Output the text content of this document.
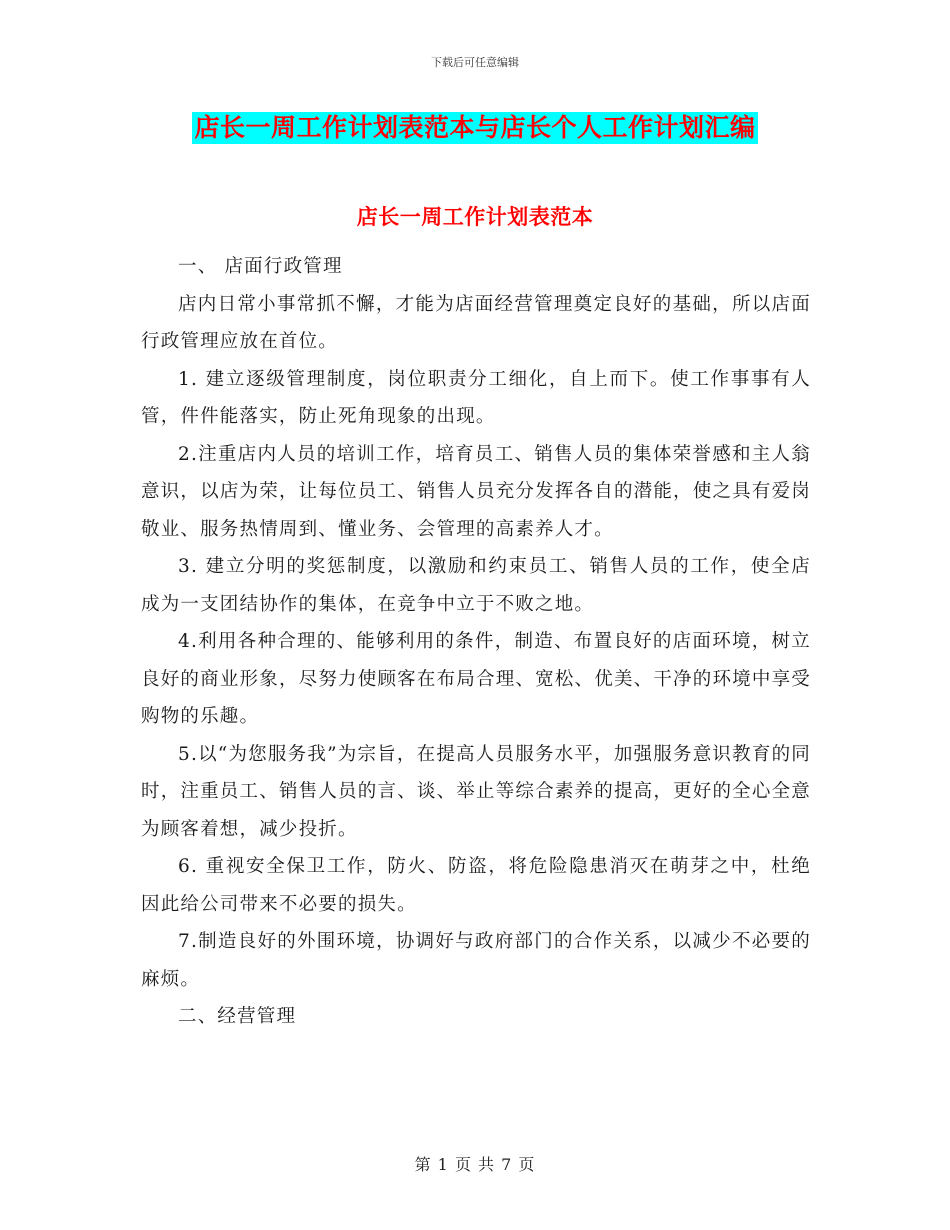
下载后可任意编辑
店长一周工作计划表范本与店长个人工作计划汇编
店长一周工作计划表范本

一、 店面行政管理

店内日常小事常抓不懈，才能为店面经营管理奠定良好的基础，所以店面行政管理应放在首位。

1. 建立逐级管理制度，岗位职责分工细化，自上而下。使工作事事有人管，件件能落实，防止死角现象的出现。

2.注重店内人员的培训工作，培育员工、销售人员的集体荣誉感和主人翁意识，以店为荣，让每位员工、销售人员充分发挥各自的潜能，使之具有爱岗敬业、服务热情周到、懂业务、会管理的高素养人才。

3. 建立分明的奖惩制度，以激励和约束员工、销售人员的工作，使全店成为一支团结协作的集体，在竞争中立于不败之地。

4.利用各种合理的、能够利用的条件，制造、布置良好的店面环境，树立良好的商业形象，尽努力使顾客在布局合理、宽松、优美、干净的环境中享受购物的乐趣。

5.以“为您服务我”为宗旨，在提高人员服务水平，加强服务意识教育的同时，注重员工、销售人员的言、谈、举止等综合素养的提高，更好的全心全意为顾客着想，减少投折。

6. 重视安全保卫工作，防火、防盗，将危险隐患消灭在萌芽之中，杜绝因此给公司带来不必要的损失。

7.制造良好的外围环境，协调好与政府部门的合作关系，以减少不必要的麻烦。

二、经营管理

第 1 页 共 7 页
